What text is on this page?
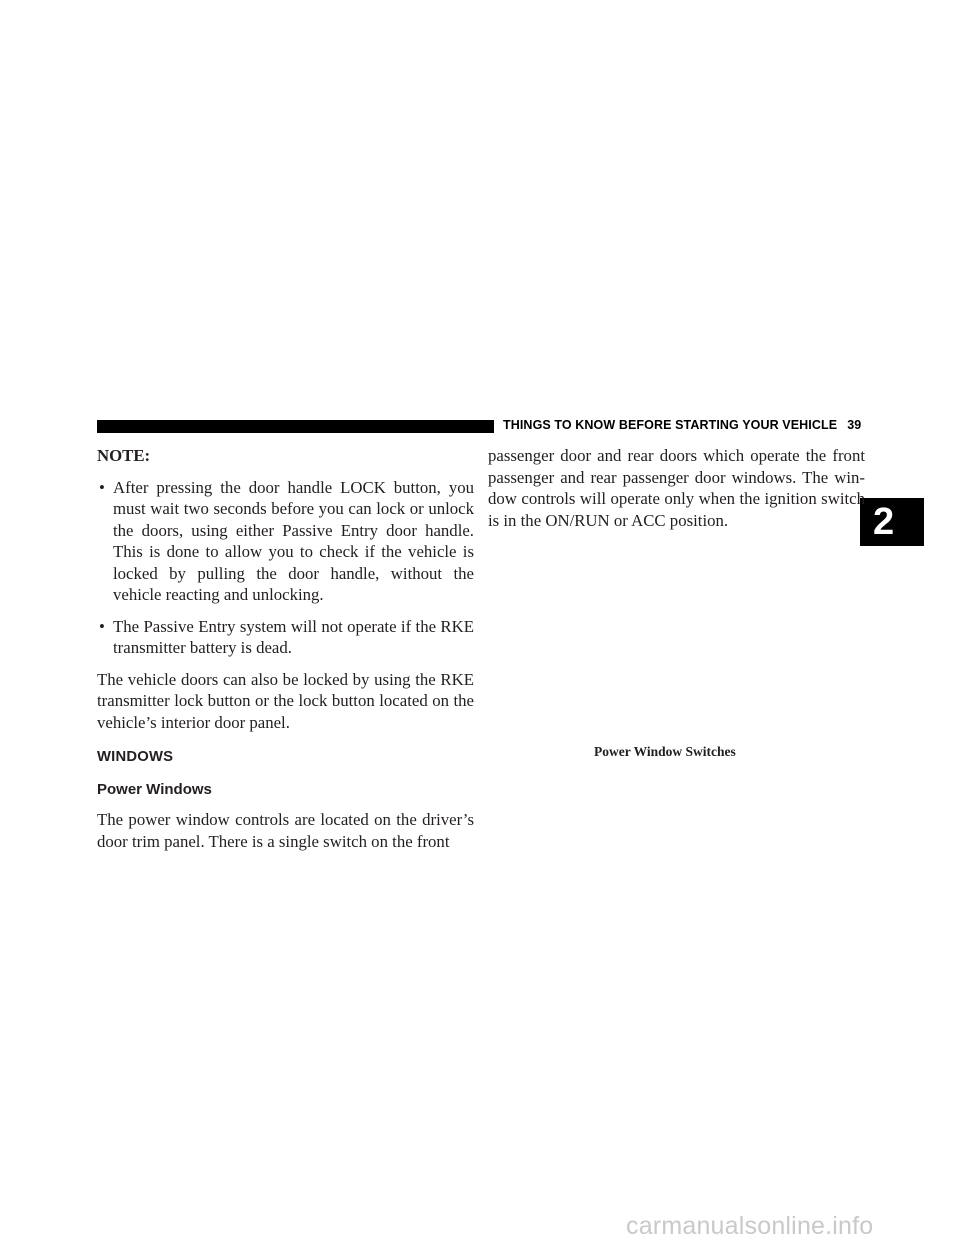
THINGS TO KNOW BEFORE STARTING YOUR VEHICLE 39
2

NOTE:

• After pressing the door handle LOCK button, you must wait two seconds before you can lock or unlock the doors, using either Passive Entry door handle. This is done to allow you to check if the vehicle is locked by pulling the door handle, without the vehicle reacting and unlocking.
• The Passive Entry system will not operate if the RKE transmitter battery is dead.

The vehicle doors can also be locked by using the RKE transmitter lock button or the lock button located on the vehicle’s interior door panel.

WINDOWS
Power Windows

The power window controls are located on the driver’s door trim panel. There is a single switch on the front

passenger door and rear doors which operate the front passenger and rear passenger door windows. The win-dow controls will operate only when the ignition switch is in the ON/RUN or ACC position.

Power Window Switches
carmanualsonline.info
